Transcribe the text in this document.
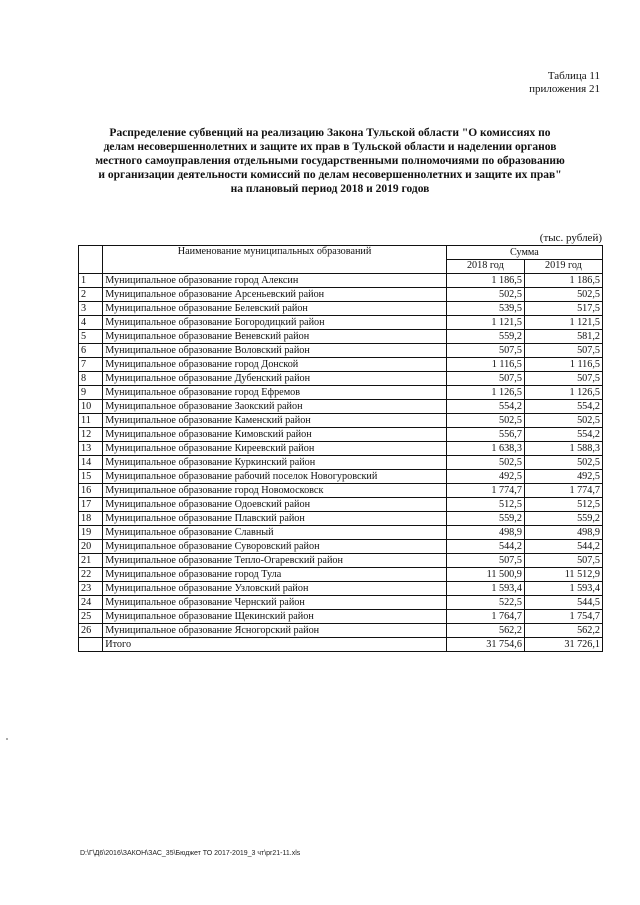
Таблица 11
приложения 21
Распределение субвенций на реализацию Закона Тульской области "О комиссиях по
делам несовершеннолетних и защите их прав в Тульской области и наделении органов
местного самоуправления отдельными государственными полномочиями по образованию
и организации деятельности комиссий по делам несовершеннолетних и защите их прав"
на плановый период 2018 и 2019 годов
(тыс. рублей)
	Наименование муниципальных образований	Сумма	
		2018 год	2019 год
1	Муниципальное образование город Алексин	1 186,5	1 186,5
2	Муниципальное образование Арсеньевский район	502,5	502,5
3	Муниципальное образование Белевский район	539,5	517,5
4	Муниципальное образование Богородицкий район	1 121,5	1 121,5
5	Муниципальное образование Веневский район	559,2	581,2
6	Муниципальное образование Воловский район	507,5	507,5
7	Муниципальное образование город Донской	1 116,5	1 116,5
8	Муниципальное образование Дубенский район	507,5	507,5
9	Муниципальное образование город Ефремов	1 126,5	1 126,5
10	Муниципальное образование Заокский район	554,2	554,2
11	Муниципальное образование Каменский район	502,5	502,5
12	Муниципальное образование Кимовский район	556,7	554,2
13	Муниципальное образование Киреевский район	1 638,3	1 588,3
14	Муниципальное образование Куркинский район	502,5	502,5
15	Муниципальное образование рабочий поселок Новогуровский	492,5	492,5
16	Муниципальное образование город Новомосковск	1 774,7	1 774,7
17	Муниципальное образование Одоевский район	512,5	512,5
18	Муниципальное образование Плавский район	559,2	559,2
19	Муниципальное образование Славный	498,9	498,9
20	Муниципальное образование Суворовский район	544,2	544,2
21	Муниципальное образование Тепло-Огаревский район	507,5	507,5
22	Муниципальное образование город Тула	11 500,9	11 512,9
23	Муниципальное образование Узловский район	1 593,4	1 593,4
24	Муниципальное образование Чернский район	522,5	544,5
25	Муниципальное образование Щекинский район	1 764,7	1 754,7
26	Муниципальное образование Ясногорский район	562,2	562,2
	Итого	31 754,6	31 726,1
D:\Г\Д6\2016\ЗАКОН\ЗАС_35\Бюджет ТО 2017-2019_3 чт\pr21-11.xls
